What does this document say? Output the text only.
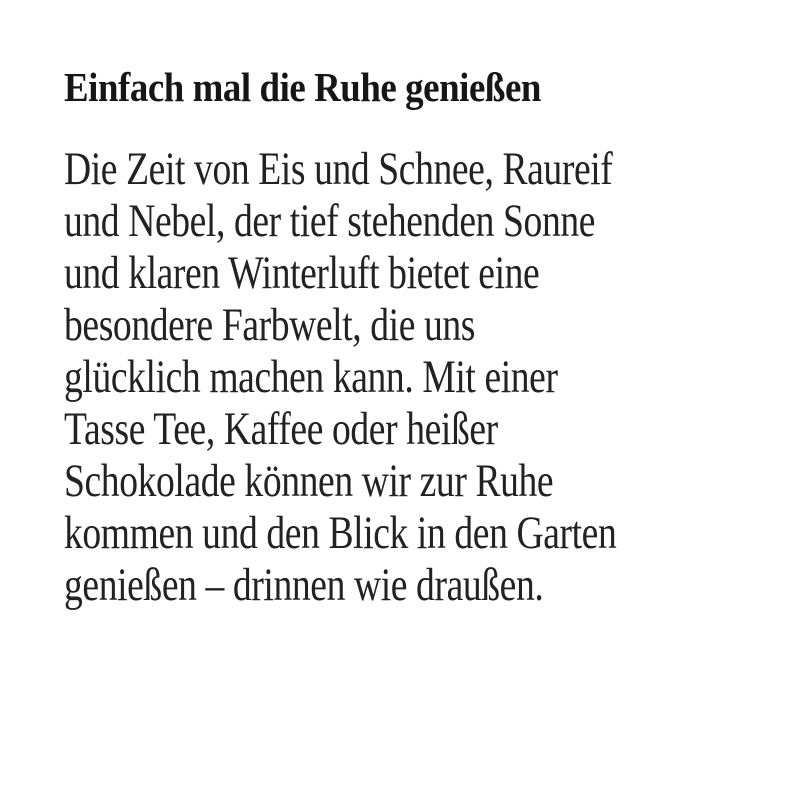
Einfach mal die Ruhe genießen
Die Zeit von Eis und Schnee, Raureif
und Nebel, der tief stehenden Sonne
und klaren Winterluft bietet eine
besondere Farbwelt, die uns
glücklich machen kann. Mit einer
Tasse Tee, Kaffee oder heißer
Schokolade können wir zur Ruhe
kommen und den Blick in den Garten
genießen – drinnen wie draußen.
